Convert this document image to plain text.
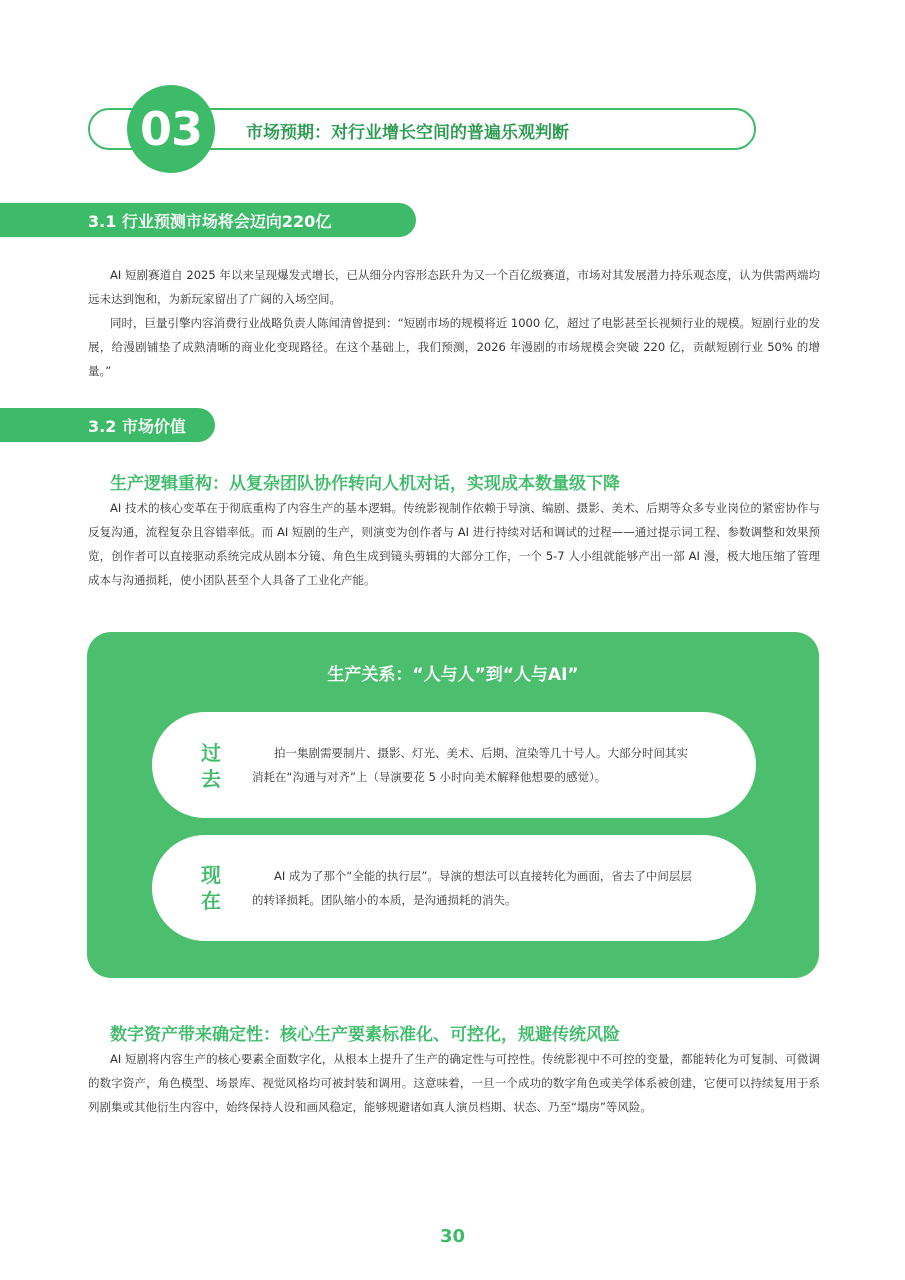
03	市场预期：对行业增长空间的普遍乐观判断
3.1 行业预测市场将会迈向220亿

AI 短剧赛道自 2025 年以来呈现爆发式增长，已从细分内容形态跃升为又一个百亿级赛道，市场对其发展潜力持乐观态度，认为供需两端均远未达到饱和，为新玩家留出了广阔的入场空间。

同时，巨量引擎内容消费行业战略负责人陈闻清曾提到：“短剧市场的规模将近 1000 亿，超过了电影甚至长视频行业的规模。短剧行业的发展，给漫剧铺垫了成熟清晰的商业化变现路径。在这个基础上，我们预测，2026 年漫剧的市场规模会突破 220 亿，贡献短剧行业 50% 的增量。”

3.2 市场价值
生产逻辑重构：从复杂团队协作转向人机对话，实现成本数量级下降

AI 技术的核心变革在于彻底重构了内容生产的基本逻辑。传统影视制作依赖于导演、编剧、摄影、美术、后期等众多专业岗位的紧密协作与反复沟通，流程复杂且容错率低。而 AI 短剧的生产，则演变为创作者与 AI 进行持续对话和调试的过程——通过提示词工程、参数调整和效果预览，创作者可以直接驱动系统完成从剧本分镜、角色生成到镜头剪辑的大部分工作，一个 5-7 人小组就能够产出一部 AI 漫，极大地压缩了管理成本与沟通损耗，使小团队甚至个人具备了工业化产能。

生产关系：“人与人”到“人与AI”
过
去

拍一集剧需要制片、摄影、灯光、美术、后期、渲染等几十号人。大部分时间其实消耗在“沟通与对齐”上（导演要花 5 小时向美术解释他想要的感觉）。

现
在

AI 成为了那个“全能的执行层”。导演的想法可以直接转化为画面，省去了中间层层的转译损耗。团队缩小的本质，是沟通损耗的消失。

数字资产带来确定性：核心生产要素标准化、可控化，规避传统风险

AI 短剧将内容生产的核心要素全面数字化，从根本上提升了生产的确定性与可控性。传统影视中不可控的变量，都能转化为可复制、可微调的数字资产，角色模型、场景库、视觉风格均可被封装和调用。这意味着，一旦一个成功的数字角色或美学体系被创建，它便可以持续复用于系列剧集或其他衍生内容中，始终保持人设和画风稳定，能够规避诸如真人演员档期、状态、乃至“塌房”等风险。

30
